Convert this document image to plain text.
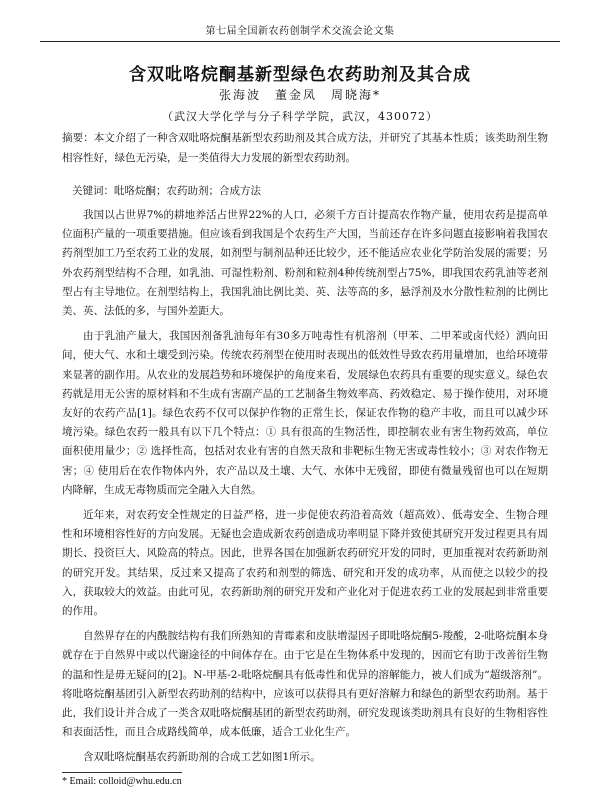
第七届全国新农药创制学术交流会论文集
含双吡咯烷酮基新型绿色农药助剂及其合成
张海波　董金凤　周晓海*
（武汉大学化学与分子科学学院，武汉，430072）
摘要：本文介绍了一种含双吡咯烷酮基新型农药助剂及其合成方法，并研究了其基本性质；该类助剂生物相容性好，绿色无污染，是一类值得大力发展的新型农药助剂。
关键词：吡咯烷酮；农药助剂；合成方法

我国以占世界7%的耕地养活占世界22%的人口，必须千方百计提高农作物产量，使用农药是提高单位面积产量的一项重要措施。但应该看到我国是个农药生产大国，当前还存在许多问题直接影响着我国农药剂型加工乃至农药工业的发展，如剂型与制剂品种还比较少，还不能适应农业化学防治发展的需要；另外农药剂型结构不合理，如乳油、可湿性粉剂、粉剂和粒剂4种传统剂型占75%，即我国农药乳油等老剂型占有主导地位。在剂型结构上，我国乳油比例比美、英、法等高的多，悬浮剂及水分散性粒剂的比例比美、英、法低的多，与国外差距大。

由于乳油产量大，我国因剂备乳油每年有30多万吨毒性有机溶剂（甲苯、二甲苯或卤代烃）洒向田间，使大气、水和土壤受到污染。传统农药剂型在使用时表现出的低效性导致农药用量增加，也给环境带来显著的副作用。从农业的发展趋势和环境保护的角度来看，发展绿色农药具有重要的现实意义。绿色农药就是用无公害的原材料和不生成有害副产品的工艺制备生物效率高、药效稳定、易于操作使用，对环境友好的农药产品[1]。绿色农药不仅可以保护作物的正常生长，保证农作物的稳产丰收，而且可以减少环境污染。绿色农药一般具有以下几个特点：① 具有很高的生物活性，即控制农业有害生物药效高，单位面积使用量少；② 选择性高，包括对农业有害的自然天敌和非靶标生物无害或毒性较小；③ 对农作物无害；④ 使用后在农作物体内外，农产品以及土壤、大气、水体中无残留，即使有微量残留也可以在短期内降解，生成无毒物质而完全融入大自然。

近年来，对农药安全性规定的日益严格，进一步促使农药沿着高效（超高效）、低毒安全、生物合理性和环境相容性好的方向发展。无疑也会造成新农药创造成功率明显下降并致使其研究开发过程更具有周期长、投资巨大、风险高的特点。因此，世界各国在加强新农药研究开发的同时，更加重视对农药新助剂的研究开发。其结果，反过来又提高了农药和剂型的筛选、研究和开发的成功率，从而使之以较少的投入，获取较大的效益。由此可见，农药新助剂的研究开发和产业化对于促进农药工业的发展起到非常重要的作用。

自然界存在的内酰胺结构有我们所熟知的青霉素和皮肤增湿因子即吡咯烷酮5-羧酸，2-吡咯烷酮本身就存在于自然界中或以代谢途径的中间体存在。由于它是在生物体系中发现的，因而它有助于改善衍生物的温和性是毋无疑问的[2]。N-甲基-2-吡咯烷酮具有低毒性和优异的溶解能力，被人们成为“超级溶剂”。将吡咯烷酮基团引入新型农药助剂的结构中，应该可以获得具有更好溶解力和绿色的新型农药助剂。基于此，我们设计并合成了一类含双吡咯烷酮基团的新型农药助剂，研究发现该类助剂具有良好的生物相容性和表面活性，而且合成路线简单，成本低廉，适合工业化生产。

含双吡咯烷酮基农药新助剂的合成工艺如图1所示。

* Email: colloid@whu.edu.cn
